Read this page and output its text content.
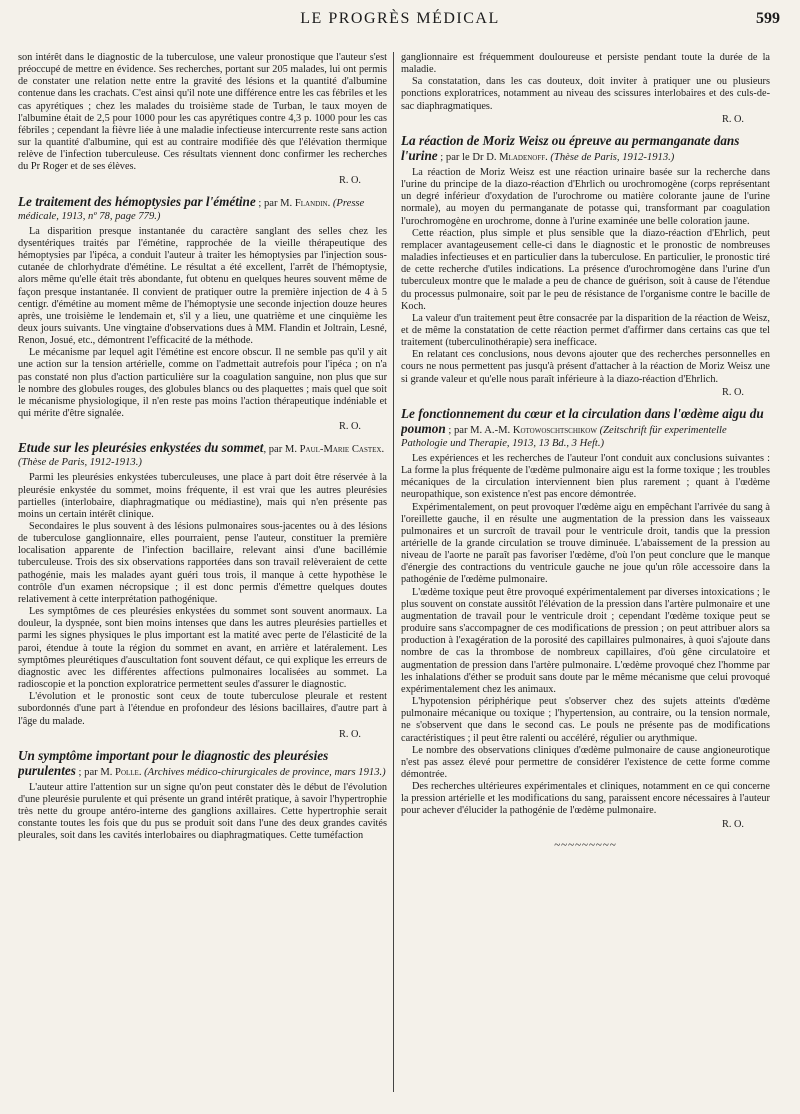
LE PROGRÈS MÉDICAL	599

son intérêt dans le diagnostic de la tuberculose, une valeur pronostique que l'auteur s'est préoccupé de mettre en évidence. Ses recherches, portant sur 205 malades, lui ont permis de constater une relation nette entre la gravité des lésions et la quantité d'albumine contenue dans les crachats. C'est ainsi qu'il note une différence entre les cas fébriles et les cas apyrétiques ; chez les malades du troisième stade de Turban, le taux moyen de l'albumine était de 2,5 pour 1000 pour les cas apyrétiques contre 4,3 p. 1000 pour les cas fébriles ; cependant la fièvre liée à une maladie infectieuse intercurrente reste sans action sur la quantité d'albumine, qui est au contraire modifiée dès que l'élévation thermique relève de l'infection tuberculeuse. Ces résultats viennent donc confirmer les recherches du Pr Roger et de ses élèves.

R. O.

Le traitement des hémoptysies par l'émétine ; par M. Flandin. (Presse médicale, 1913, nº 78, page 779.)

La disparition presque instantanée du caractère sanglant des selles chez les dysentériques traités par l'émétine, rapprochée de la vieille thérapeutique des hémoptysies par l'ipéca, a conduit l'auteur à traiter les hémoptysies par l'injection sous-cutanée de chlorhydrate d'émétine. Le résultat a été excellent, l'arrêt de l'hémoptysie, alors même qu'elle était très abondante, fut obtenu en quelques heures souvent même de façon presque instantanée. Il convient de pratiquer outre la première injection de 4 à 5 centigr. d'émétine au moment même de l'hémoptysie une seconde injection douze heures après, une troisième le lendemain et, s'il y a lieu, une quatrième et une cinquième les deux jours suivants. Une vingtaine d'observations dues à MM. Flandin et Joltrain, Lesné, Renon, Josué, etc., démontrent l'efficacité de la méthode.

Le mécanisme par lequel agit l'émétine est encore obscur. Il ne semble pas qu'il y ait une action sur la tension artérielle, comme on l'admettait autrefois pour l'ipéca ; on n'a pas constaté non plus d'action particulière sur la coagulation sanguine, non plus que sur le nombre des globules rouges, des globules blancs ou des plaquettes ; mais quel que soit le mécanisme physiologique, il n'en reste pas moins l'action thérapeutique indéniable et qui mérite d'être signalée.

R. O.

Etude sur les pleurésies enkystées du sommet, par M. Paul-Marie Castex. (Thèse de Paris, 1912-1913.)

Parmi les pleurésies enkystées tuberculeuses, une place à part doit être réservée à la pleurésie enkystée du sommet, moins fréquente, il est vrai que les autres pleurésies partielles (interlobaire, diaphragmatique ou médiastine), mais qui n'en présente pas moins un certain intérêt clinique.

Secondaires le plus souvent à des lésions pulmonaires sous-jacentes ou à des lésions de tuberculose ganglionnaire, elles pourraient, pense l'auteur, constituer la première localisation apparente de l'infection bacillaire, relevant ainsi d'une bacillémie tuberculeuse. Trois des six observations rapportées dans son travail relèveraient de cette pathogénie, mais les malades ayant guéri tous trois, il manque à cette hypothèse le contrôle d'un examen nécropsique ; il est donc permis d'émettre quelques doutes relativement à cette interprétation pathogénique.

Les symptômes de ces pleurésies enkystées du sommet sont souvent anormaux. La douleur, la dyspnée, sont bien moins intenses que dans les autres pleurésies partielles et parmi les signes physiques le plus important est la matité avec perte de l'élasticité de la paroi, étendue à toute la région du sommet en avant, en arrière et latéralement. Les symptômes pleurétiques d'auscultation font souvent défaut, ce qui explique les erreurs de diagnostic avec les différentes affections pulmonaires localisées au sommet. La radioscopie et la ponction exploratrice permettent seules d'assurer le diagnostic.

L'évolution et le pronostic sont ceux de toute tuberculose pleurale et restent subordonnés d'une part à l'étendue en profondeur des lésions bacillaires, d'autre part à l'âge du malade.

R. O.

Un symptôme important pour le diagnostic des pleurésies purulentes ; par M. Polle. (Archives médico-chirurgicales de province, mars 1913.)

L'auteur attire l'attention sur un signe qu'on peut constater dès le début de l'évolution d'une pleurésie purulente et qui présente un grand intérêt pratique, à savoir l'hypertrophie très nette du groupe antéro-interne des ganglions axillaires. Cette hypertrophie serait constante toutes les fois que du pus se produit soit dans l'une des deux grandes cavités pleurales, soit dans les cavités interlobaires ou diaphragmatiques. Cette tuméfaction

ganglionnaire est fréquemment douloureuse et persiste pendant toute la durée de la maladie.

Sa constatation, dans les cas douteux, doit inviter à pratiquer une ou plusieurs ponctions exploratrices, notamment au niveau des scissures interlobaires et des culs-de-sac diaphragmatiques.

R. O.

La réaction de Moriz Weisz ou épreuve au permanganate dans l'urine ; par le Dr D. Mladenoff. (Thèse de Paris, 1912-1913.)

La réaction de Moriz Weisz est une réaction urinaire basée sur la recherche dans l'urine du principe de la diazo-réaction d'Ehrlich ou urochromogène (corps représentant un degré inférieur d'oxydation de l'urochrome ou matière colorante jaune de l'urine normale), au moyen du permanganate de potasse qui, transformant par coagulation l'urochromogène en urochrome, donne à l'urine examinée une belle coloration jaune.

Cette réaction, plus simple et plus sensible que la diazo-réaction d'Ehrlich, peut remplacer avantageusement celle-ci dans le diagnostic et le pronostic de nombreuses maladies infectieuses et en particulier dans la tuberculose. En particulier, le pronostic tiré de cette recherche d'utiles indications. La présence d'urochromogène dans l'urine d'un tuberculeux montre que le malade a peu de chance de guérison, soit à cause de l'étendue du processus pulmonaire, soit par le peu de résistance de l'organisme contre le bacille de Koch.

La valeur d'un traitement peut être consacrée par la disparition de la réaction de Weisz, et de même la constatation de cette réaction permet d'affirmer dans certains cas que tel traitement (tuberculinothérapie) sera inefficace.

En relatant ces conclusions, nous devons ajouter que des recherches personnelles en cours ne nous permettent pas jusqu'à présent d'attacher à la réaction de Moriz Weisz une si grande valeur et qu'elle nous paraît inférieure à la diazo-réaction d'Ehrlich.

R. O.

Le fonctionnement du cœur et la circulation dans l'œdème aigu du poumon ; par M. A.-M. Kotowoschtschikow (Zeitschrift für experimentelle Pathologie und Therapie, 1913, 13 Bd., 3 Heft.)

Les expériences et les recherches de l'auteur l'ont conduit aux conclusions suivantes : La forme la plus fréquente de l'œdème pulmonaire aigu est la forme toxique ; les troubles mécaniques de la circulation interviennent bien plus rarement ; quant à l'œdème neuropathique, son existence n'est pas encore démontrée.

Expérimentalement, on peut provoquer l'œdème aigu en empêchant l'arrivée du sang à l'oreillette gauche, il en résulte une augmentation de la pression dans les vaisseaux pulmonaires et un surcroît de travail pour le ventricule droit, tandis que la pression artérielle de la grande circulation se trouve diminuée. L'abaissement de la pression au niveau de l'aorte ne paraît pas favoriser l'œdème, d'où l'on peut conclure que le manque d'énergie des contractions du ventricule gauche ne joue qu'un rôle accessoire dans la pathogénie de l'œdème pulmonaire.

L'œdème toxique peut être provoqué expérimentalement par diverses intoxications ; le plus souvent on constate aussitôt l'élévation de la pression dans l'artère pulmonaire et une augmentation de travail pour le ventricule droit ; cependant l'œdème toxique peut se produire sans s'accompagner de ces modifications de pression ; on peut attribuer alors sa production à l'exagération de la porosité des capillaires pulmonaires, à quoi s'ajoute dans nombre de cas la thrombose de nombreux capillaires, d'où gêne circulatoire et augmentation de pression dans l'artère pulmonaire. L'œdème provoqué chez l'homme par les inhalations d'éther se produit sans doute par le même mécanisme que celui provoqué expérimentalement chez les animaux.

L'hypotension périphérique peut s'observer chez des sujets atteints d'œdème pulmonaire mécanique ou toxique ; l'hypertension, au contraire, ou la tension normale, ne s'observent que dans le second cas. Le pouls ne présente pas de modifications caractéristiques ; il peut être ralenti ou accéléré, régulier ou arythmique.

Le nombre des observations cliniques d'œdème pulmonaire de cause angioneurotique n'est pas assez élevé pour permettre de considérer l'existence de cette forme comme démontrée.

Des recherches ultérieures expérimentales et cliniques, notamment en ce qui concerne la pression artérielle et les modifications du sang, paraissent encore nécessaires à l'auteur pour achever d'élucider la pathogénie de l'œdème pulmonaire.

R. O.
~~~~~~~~~
